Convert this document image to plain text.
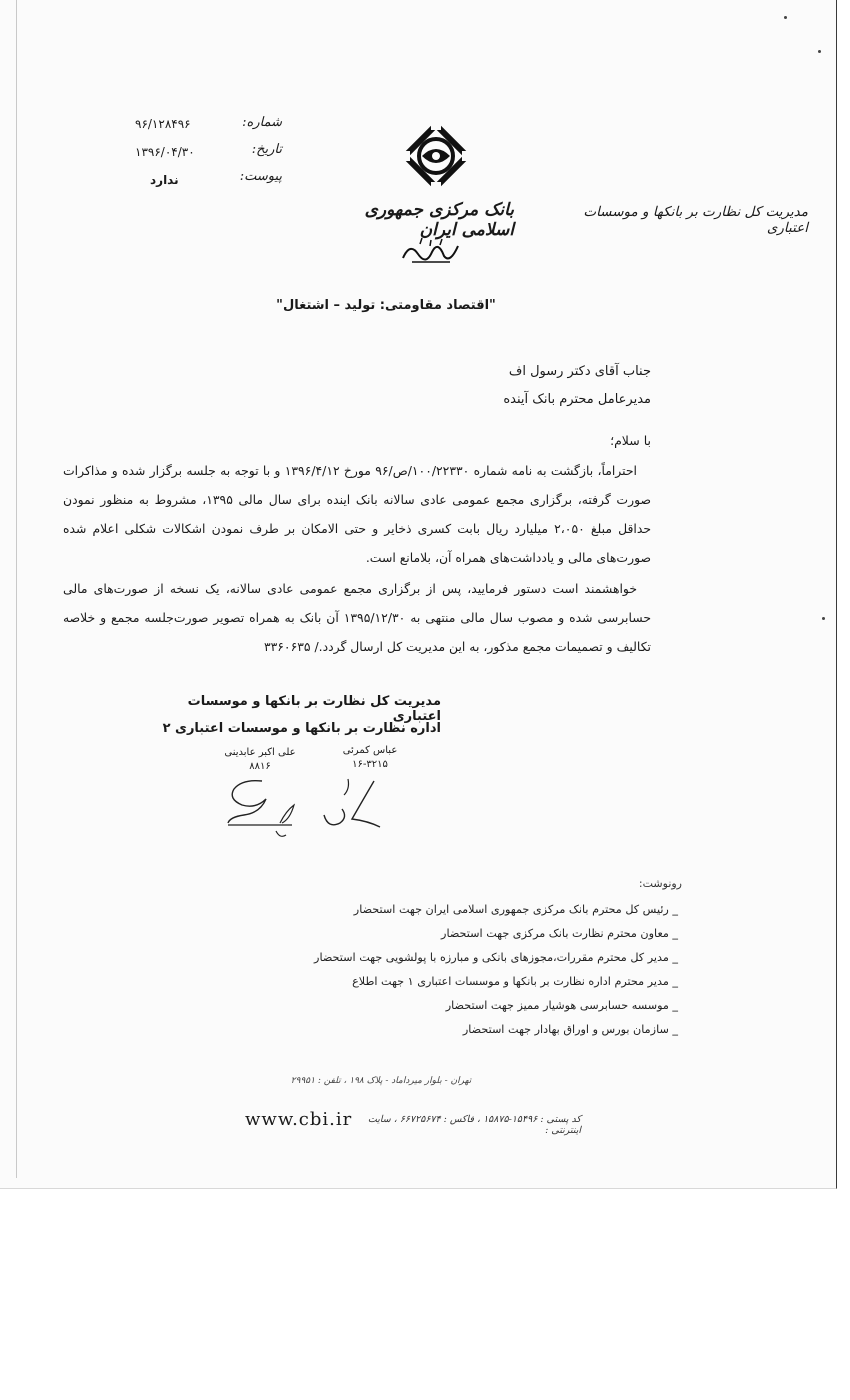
شماره:
۹۶/۱۲۸۴۹۶
تاریخ:
۱۳۹۶/۰۴/۳۰
پیوست:
ندارد
بانک مرکزی جمهوری اسلامی ایران
مدیریت کل نظارت بر بانکها و موسسات اعتباری
"اقتصاد مقاومتی: تولید – اشتغال"
جناب آقای دکتر رسول اف
مدیرعامل محترم بانک آینده
با سلام؛
احتراماً، بازگشت به نامه شماره ۱۰۰/۲۲۳۳۰/ص/۹۶ مورخ ۱۳۹۶/۴/۱۲ و با توجه به جلسه برگزار شده و مذاکرات صورت گرفته، برگزاری مجمع عمومی عادی سالانه بانک اینده برای سال مالی ۱۳۹۵، مشروط به منظور نمودن حداقل مبلغ ۲،۰۵۰ میلیارد ریال بابت کسری ذخایر و حتی الامکان بر طرف نمودن اشکالات شکلی اعلام شده صورت‌های مالی و یادداشت‌های همراه آن، بلامانع است.
خواهشمند است دستور فرمایید، پس از برگزاری مجمع عمومی عادی سالانه، یک نسخه از صورت‌های مالی حسابرسی شده و مصوب سال مالی منتهی به ۱۳۹۵/۱۲/۳۰ آن بانک به همراه تصویر صورت‌جلسه مجمع و خلاصه تکالیف و تصمیمات مجمع مذکور، به این مدیریت کل ارسال گردد./ ۳۳۶۰۶۳۵
مدیریت کل نظارت بر بانکها و موسسات اعتباری
اداره نظارت بر بانکها و موسسات اعتباری ۲
عباس کمرئی
۱۶-۳۲۱۵
علی اکبر عابدینی
۸۸۱۶
رونوشت:
_ رئیس کل محترم بانک مرکزی جمهوری اسلامی ایران جهت استحضار
_ معاون محترم نظارت بانک مرکزی جهت استحضار
_ مدیر کل محترم مقررات،مجوزهای بانکی و مبارزه با پولشویی جهت استحضار
_ مدیر محترم اداره نظارت بر بانکها و موسسات اعتباری ۱ جهت اطلاع
_ موسسه حسابرسی هوشیار ممیز جهت استحضار
_ سازمان بورس و اوراق بهادار جهت استحضار
تهران - بلوار میرداماد - پلاک ۱۹۸ ، تلفن : ۲۹۹۵۱
www.cbi.ir	کد پستی : ۱۵۴۹۶-۱۵۸۷۵ ، فاکس : ۶۶۷۲۵۶۷۴ ، سایت اینترنتی :
